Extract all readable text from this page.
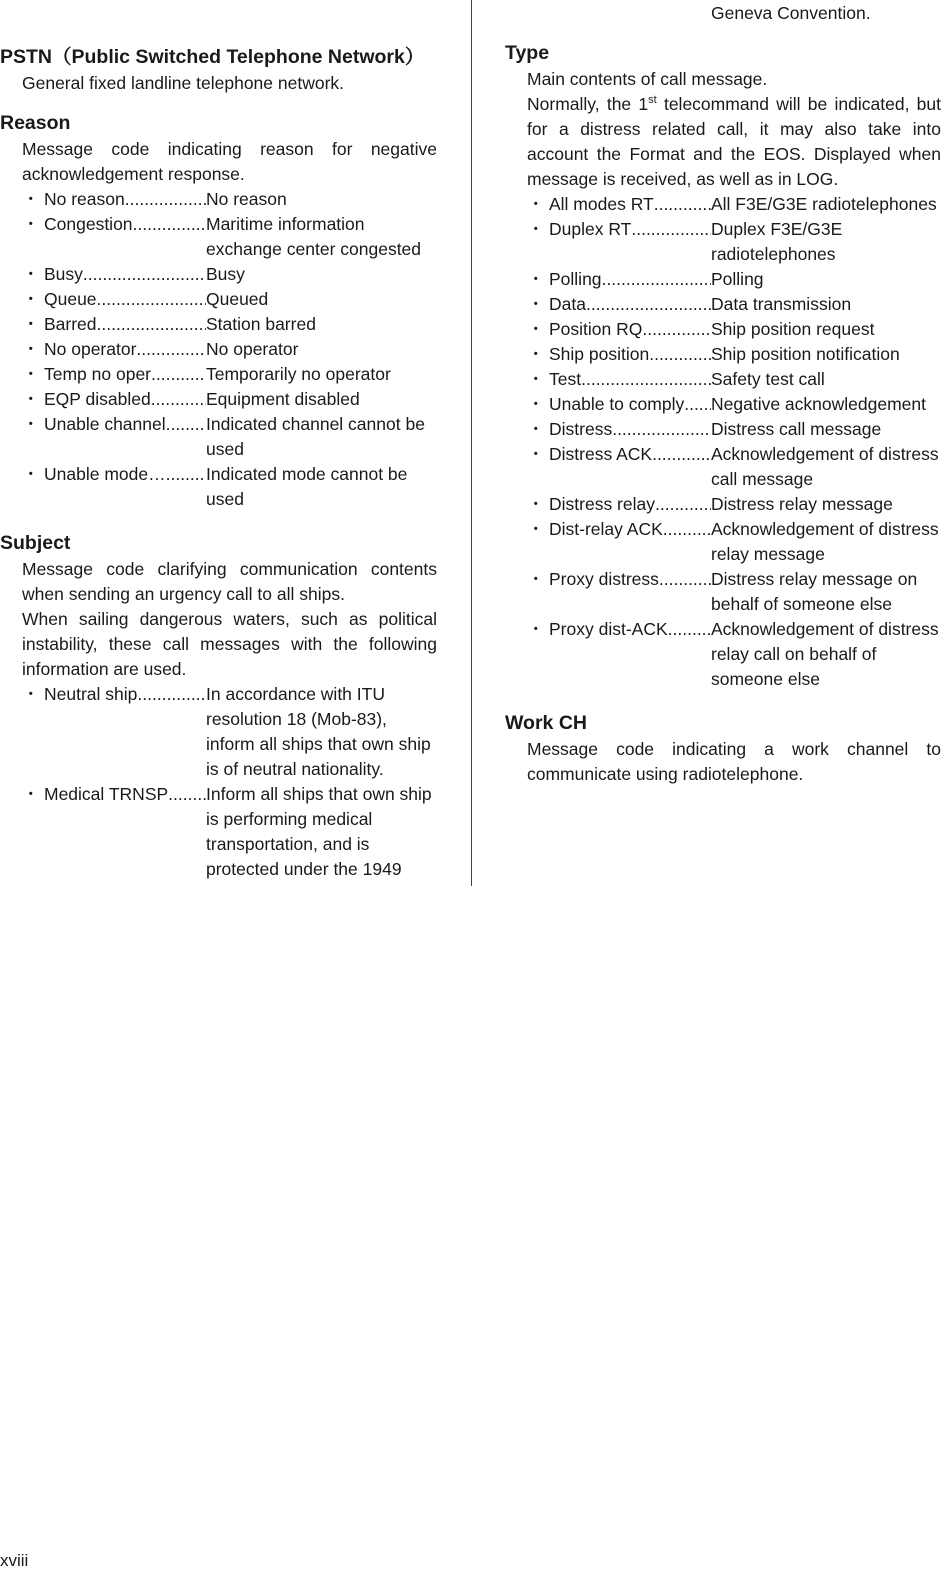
PSTN（Public Switched Telephone Network）

General fixed landline telephone network.

Reason

Message code indicating reason for negative acknowledgement response.

・ No reason .....	No reason
・ Congestion .....	Maritime information exchange center congested
・ Busy .....	Busy
・ Queue .....	Queued
・ Barred .....	Station barred
・ No operator .....	No operator
・ Temp no oper .....	Temporarily no operator
・ EQP disabled .....	Equipment disabled
・ Unable channel ..... Indicated channel cannot be used
・ Unable mode… ..... Indicated mode cannot be used
Subject

Message code clarifying communication contents when sending an urgency call to all ships.

When sailing dangerous waters, such as political instability, these call messages with the following information are used.

・ Neutral ship .....	In accordance with ITU resolution 18 (Mob-83), inform all ships that own ship is of neutral nationality.
・ Medical TRNSP ..... Inform all ships that own ship is performing medical transportation, and is protected under the 1949

Geneva Convention.

Type

Main contents of call message.

Normally, the 1st telecommand will be indicated, but for a distress related call, it may also take into account the Format and the EOS. Displayed when message is received, as well as in LOG.

・ All modes RT .....	All F3E/G3E radiotelephones
・ Duplex RT .....	Duplex F3E/G3E radiotelephones
・ Polling .....	Polling
・ Data .....	Data transmission
・ Position RQ .....	Ship position request
・ Ship position .....	Ship position notification
・ Test .....	Safety test call
・ Unable to comply ..... Negative acknowledgement
・ Distress .....	Distress call message
・ Distress ACK .....	Acknowledgement of distress call message
・ Distress relay .....	Distress relay message
・ Dist-relay ACK .....	Acknowledgement of distress relay message
・ Proxy distress .....	Distress relay message on behalf of someone else
・ Proxy dist-ACK ..... Acknowledgement of distress relay call on behalf of someone else
Work CH

Message code indicating a work channel to communicate using radiotelephone.

xviii
